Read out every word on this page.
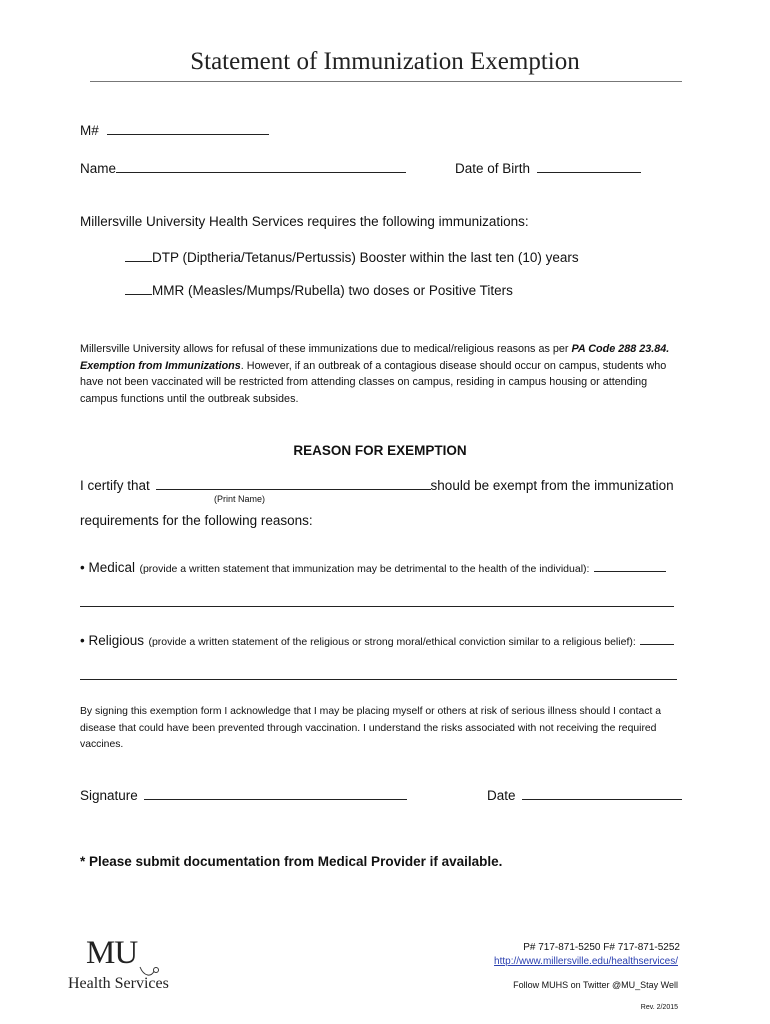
Statement of Immunization Exemption
M#
Name	Date of Birth
Millersville University Health Services requires the following immunizations:
DTP (Diptheria/Tetanus/Pertussis) Booster within the last ten (10) years
MMR (Measles/Mumps/Rubella) two doses or Positive Titers
Millersville University allows for refusal of these immunizations due to medical/religious reasons as per PA Code 288 23.84. Exemption from Immunizations. However, if an outbreak of a contagious disease should occur on campus, students who have not been vaccinated will be restricted from attending classes on campus, residing in campus housing or attending campus functions until the outbreak subsides.
REASON FOR EXEMPTION
I certify that	should be exempt from the immunization
(Print Name)
requirements for the following reasons:
• Medical (provide a written statement that immunization may be detrimental to the health of the individual):
• Religious (provide a written statement of the religious or strong moral/ethical conviction similar to a religious belief):
By signing this exemption form I acknowledge that I may be placing myself or others at risk of serious illness should I contact a disease that could have been prevented through vaccination. I understand the risks associated with not receiving the required vaccines.
Signature	Date
* Please submit documentation from Medical Provider if available.
MU
Health Services
P# 717-871-5250 F# 717-871-5252
http://www.millersville.edu/healthservices/
Follow MUHS on Twitter @MU_Stay Well
Rev. 2/2015
